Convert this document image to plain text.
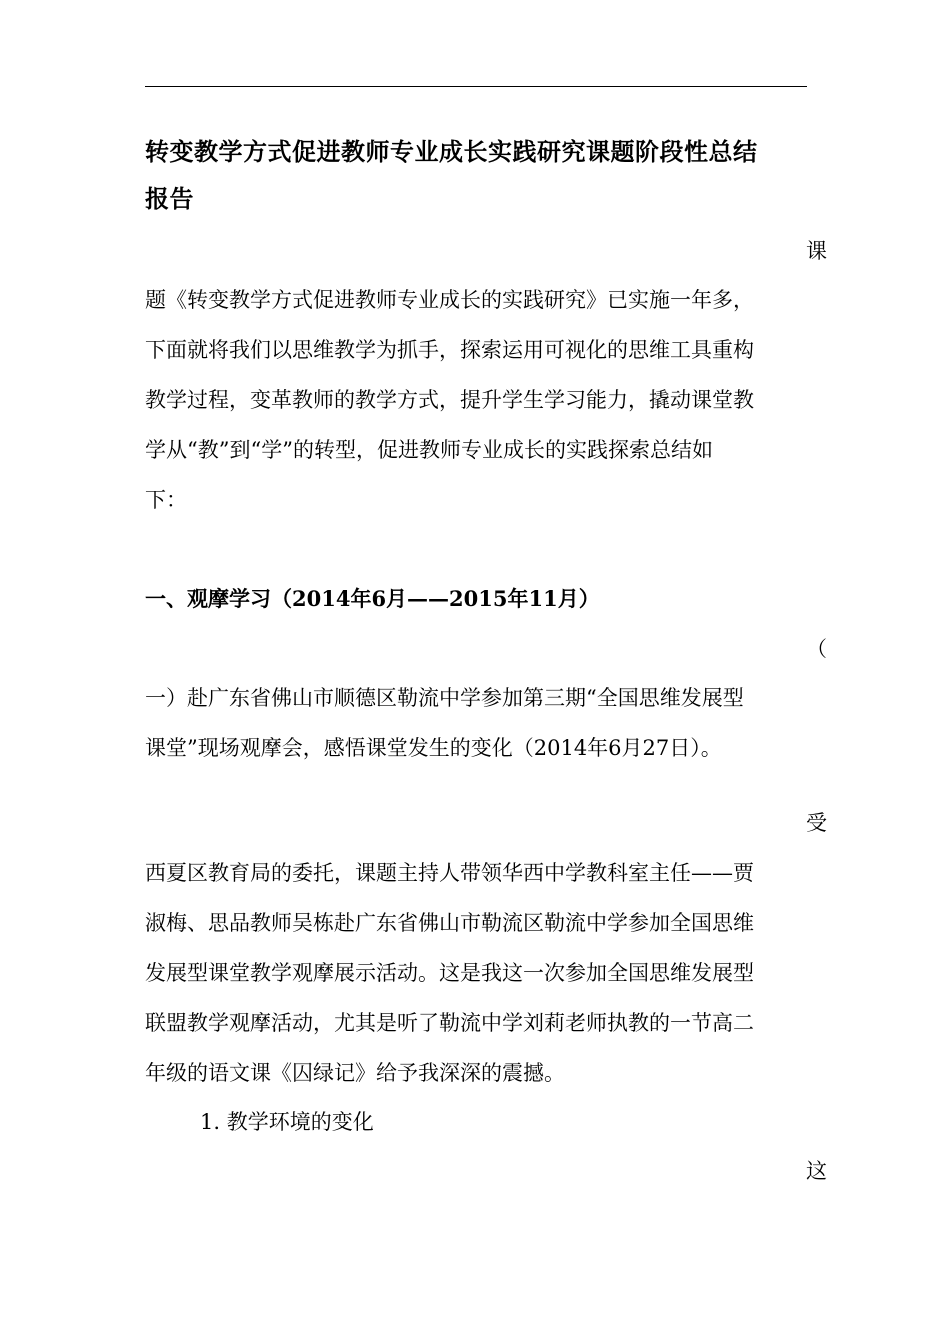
转变教学方式促进教师专业成长实践研究课题阶段性总结
报告
课
题《转变教学方式促进教师专业成长的实践研究》已实施一年多，
下面就将我们以思维教学为抓手，探索运用可视化的思维工具重构
教学过程，变革教师的教学方式，提升学生学习能力，撬动课堂教
学从“教”到“学”的转型，促进教师专业成长的实践探索总结如
下：
一、观摩学习（2014年6月——2015年11月）
（
一）赴广东省佛山市顺德区勒流中学参加第三期“全国思维发展型
课堂”现场观摩会，感悟课堂发生的变化（2014年6月27日）。
受
西夏区教育局的委托，课题主持人带领华西中学教科室主任——贾
淑梅、思品教师吴栋赴广东省佛山市勒流区勒流中学参加全国思维
发展型课堂教学观摩展示活动。这是我这一次参加全国思维发展型
联盟教学观摩活动，尤其是听了勒流中学刘莉老师执教的一节高二
年级的语文课《囚绿记》给予我深深的震撼。
1. 教学环境的变化
这
